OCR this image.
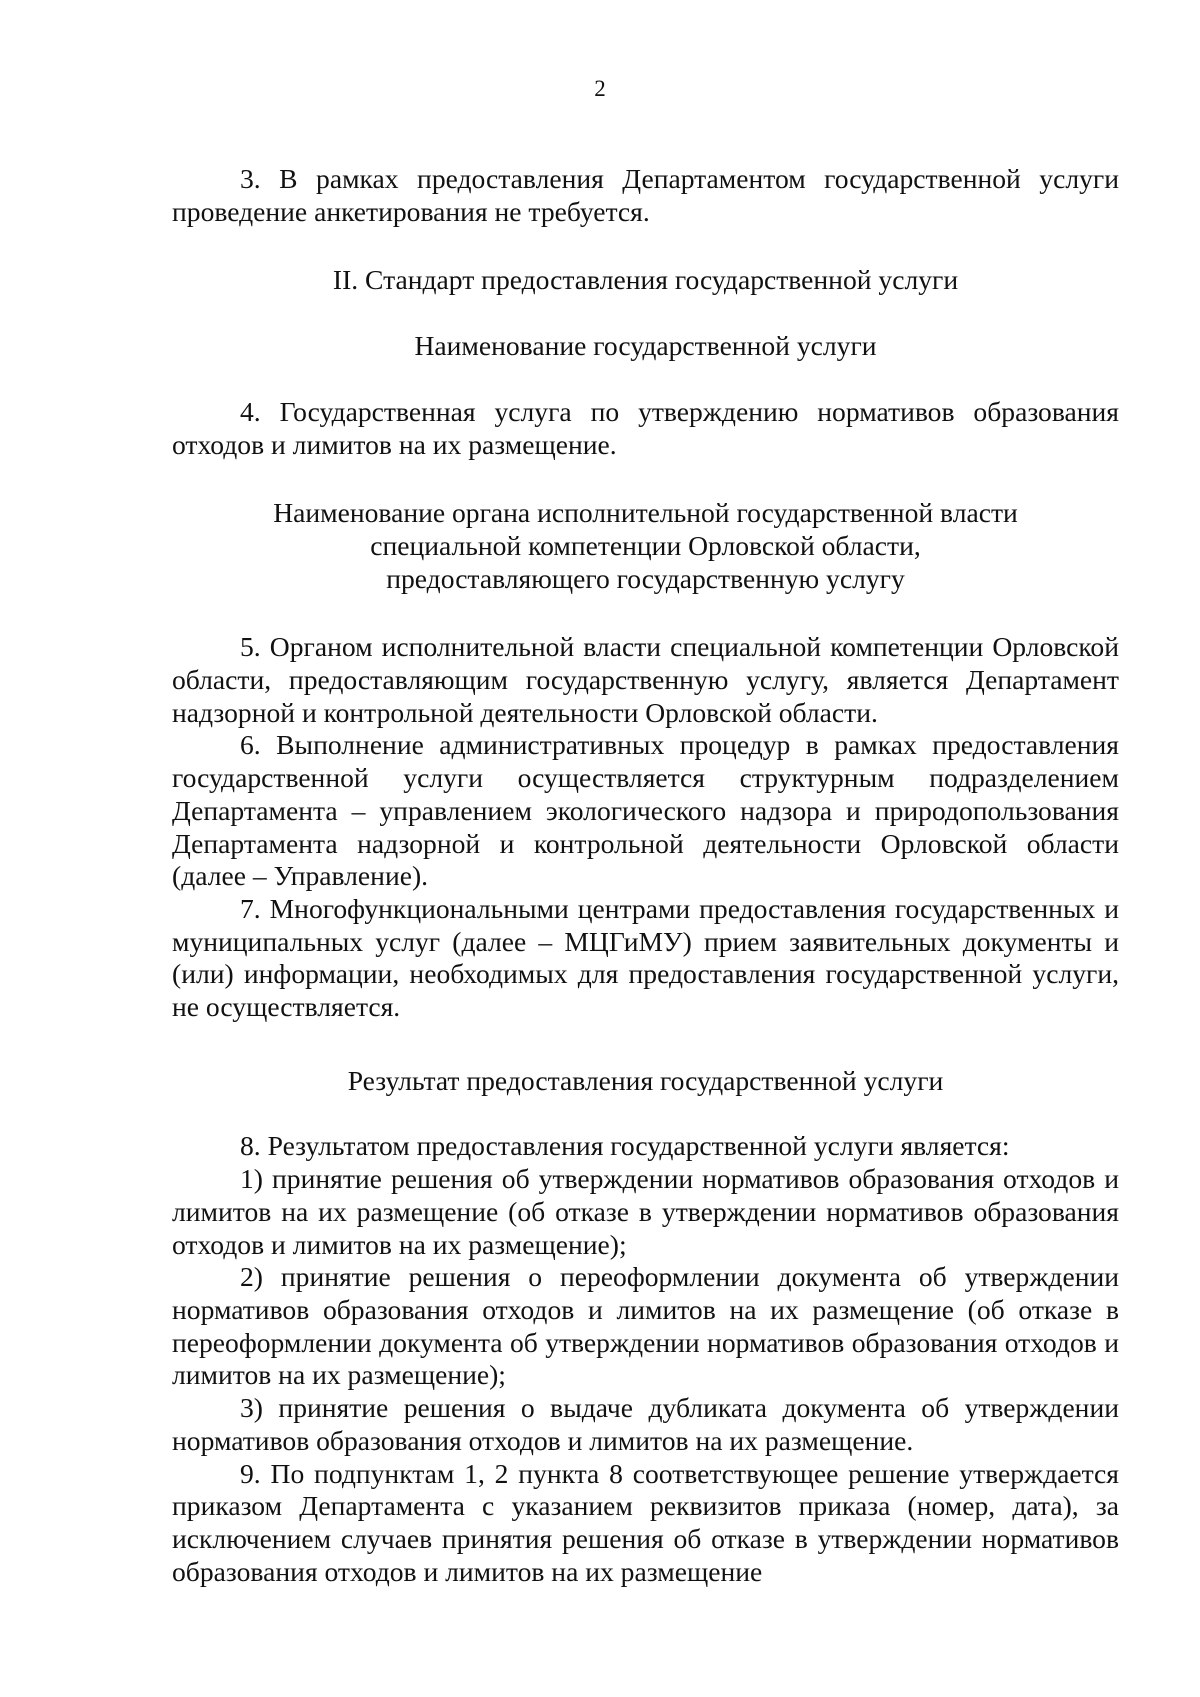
2

3. В рамках предоставления Департаментом государственной услуги проведение анкетирования не требуется.

II. Стандарт предоставления государственной услуги

Наименование государственной услуги

4. Государственная услуга по утверждению нормативов образования отходов и лимитов на их размещение.

Наименование органа исполнительной государственной власти
специальной компетенции Орловской области,
предоставляющего государственную услугу

5. Органом исполнительной власти специальной компетенции Орловской области, предоставляющим государственную услугу, является Департамент надзорной и контрольной деятельности Орловской области.

6. Выполнение административных процедур в рамках предоставления государственной услуги осуществляется структурным подразделением Департамента – управлением экологического надзора и природопользования Департамента надзорной и контрольной деятельности Орловской области (далее – Управление).

7. Многофункциональными центрами предоставления государственных и муниципальных услуг (далее – МЦГиМУ) прием заявительных документы и (или) информации, необходимых для предоставления государственной услуги, не осуществляется.

Результат предоставления государственной услуги

8. Результатом предоставления государственной услуги является:

1) принятие решения об утверждении нормативов образования отходов и лимитов на их размещение (об отказе в утверждении нормативов образования отходов и лимитов на их размещение);

2) принятие решения о переоформлении документа об утверждении нормативов образования отходов и лимитов на их размещение (об отказе в переоформлении документа об утверждении нормативов образования отходов и лимитов на их размещение);

3) принятие решения о выдаче дубликата документа об утверждении нормативов образования отходов и лимитов на их размещение.

9. По подпунктам 1, 2 пункта 8 соответствующее решение утверждается приказом Департамента с указанием реквизитов приказа (номер, дата), за исключением случаев принятия решения об отказе в утверждении нормативов образования отходов и лимитов на их размещение
